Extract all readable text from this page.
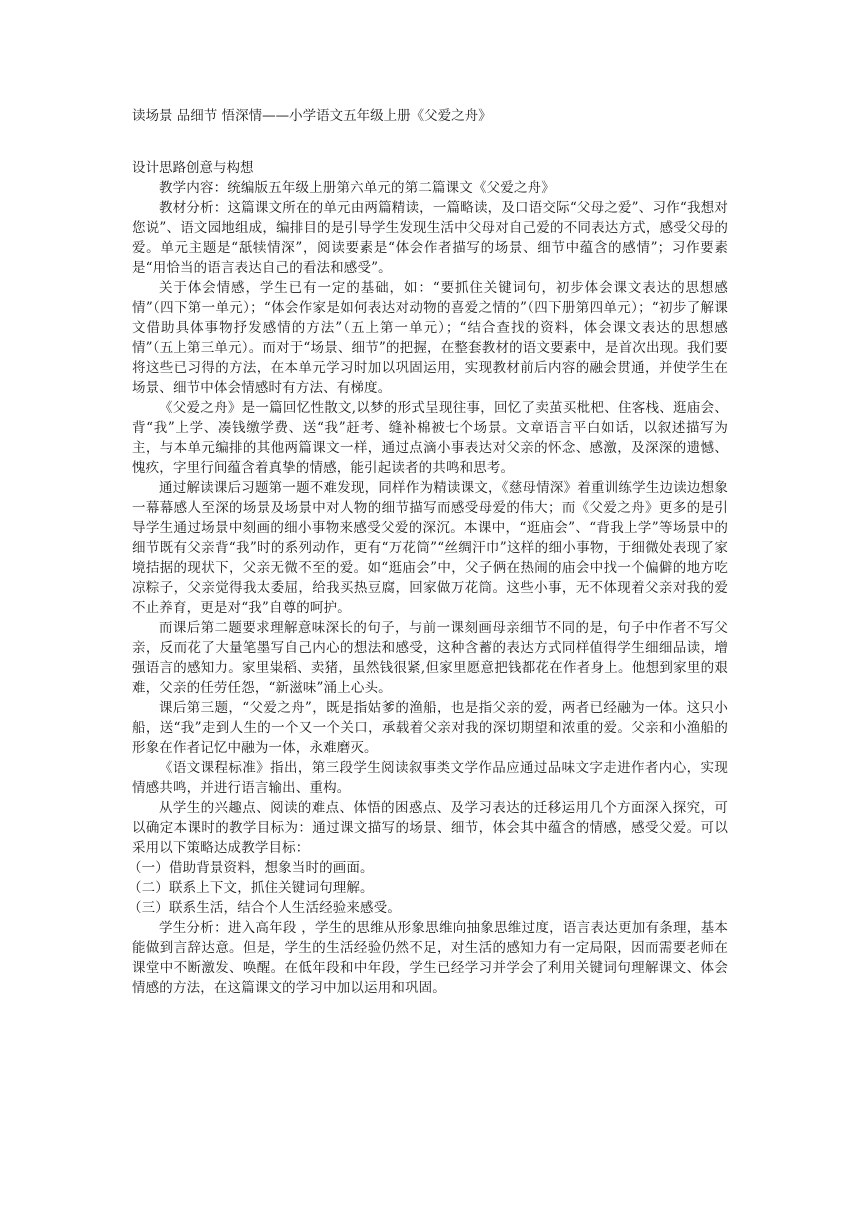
读场景 品细节 悟深情——小学语文五年级上册《父爱之舟》

设计思路创意与构想

教学内容：统编版五年级上册第六单元的第二篇课文《父爱之舟》

教材分析：这篇课文所在的单元由两篇精读，一篇略读，及口语交际“父母之爱”、习作“我想对您说”、语文园地组成，编排目的是引导学生发现生活中父母对自己爱的不同表达方式，感受父母的爱。单元主题是“舐犊情深”，阅读要素是“体会作者描写的场景、细节中蕴含的感情”；习作要素是“用恰当的语言表达自己的看法和感受”。

关于体会情感，学生已有一定的基础，如：“要抓住关键词句，初步体会课文表达的思想感情”（四下第一单元）；“体会作家是如何表达对动物的喜爱之情的”（四下册第四单元）；“初步了解课文借助具体事物抒发感情的方法”（五上第一单元）；“结合查找的资料，体会课文表达的思想感情”（五上第三单元）。而对于“场景、细节”的把握，在整套教材的语文要素中，是首次出现。我们要将这些已习得的方法，在本单元学习时加以巩固运用，实现教材前后内容的融会贯通，并使学生在场景、细节中体会情感时有方法、有梯度。

《父爱之舟》是一篇回忆性散文,以梦的形式呈现往事，回忆了卖茧买枇杷、住客栈、逛庙会、背“我”上学、凑钱缴学费、送“我”赶考、缝补棉被七个场景。文章语言平白如话，以叙述描写为主，与本单元编排的其他两篇课文一样，通过点滴小事表达对父亲的怀念、感激，及深深的遗憾、愧疚，字里行间蕴含着真挚的情感，能引起读者的共鸣和思考。

通过解读课后习题第一题不难发现，同样作为精读课文，《慈母情深》着重训练学生边读边想象一幕幕感人至深的场景及场景中对人物的细节描写而感受母爱的伟大；而《父爱之舟》更多的是引导学生通过场景中刻画的细小事物来感受父爱的深沉。本课中，“逛庙会”、“背我上学”等场景中的细节既有父亲背“我”时的系列动作，更有“万花筒”“丝绸汗巾”这样的细小事物，于细微处表现了家境拮据的现状下，父亲无微不至的爱。如“逛庙会”中，父子俩在热闹的庙会中找一个偏僻的地方吃凉粽子，父亲觉得我太委屈，给我买热豆腐，回家做万花筒。这些小事，无不体现着父亲对我的爱不止养育，更是对“我”自尊的呵护。

而课后第二题要求理解意味深长的句子，与前一课刻画母亲细节不同的是，句子中作者不写父亲，反而花了大量笔墨写自己内心的想法和感受，这种含蓄的表达方式同样值得学生细细品读，增强语言的感知力。家里粜稻、卖猪，虽然钱很紧,但家里愿意把钱都花在作者身上。他想到家里的艰难，父亲的任劳任怨，“新滋味”涌上心头。

课后第三题，“父爱之舟”，既是指姑爹的渔船，也是指父亲的爱，两者已经融为一体。这只小船，送“我”走到人生的一个又一个关口，承载着父亲对我的深切期望和浓重的爱。父亲和小渔船的形象在作者记忆中融为一体，永难磨灭。

《语文课程标准》指出，第三段学生阅读叙事类文学作品应通过品味文字走进作者内心，实现情感共鸣，并进行语言输出、重构。

从学生的兴趣点、阅读的难点、体悟的困惑点、及学习表达的迁移运用几个方面深入探究，可以确定本课时的教学目标为：通过课文描写的场景、细节，体会其中蕴含的情感，感受父爱。可以采用以下策略达成教学目标：

（一）借助背景资料，想象当时的画面。

（二）联系上下文，抓住关键词句理解。

（三）联系生活，结合个人生活经验来感受。

学生分析：进入高年段 ，学生的思维从形象思维向抽象思维过度，语言表达更加有条理，基本能做到言辞达意。但是，学生的生活经验仍然不足，对生活的感知力有一定局限，因而需要老师在课堂中不断激发、唤醒。在低年段和中年段，学生已经学习并学会了利用关键词句理解课文、体会情感的方法，在这篇课文的学习中加以运用和巩固。
